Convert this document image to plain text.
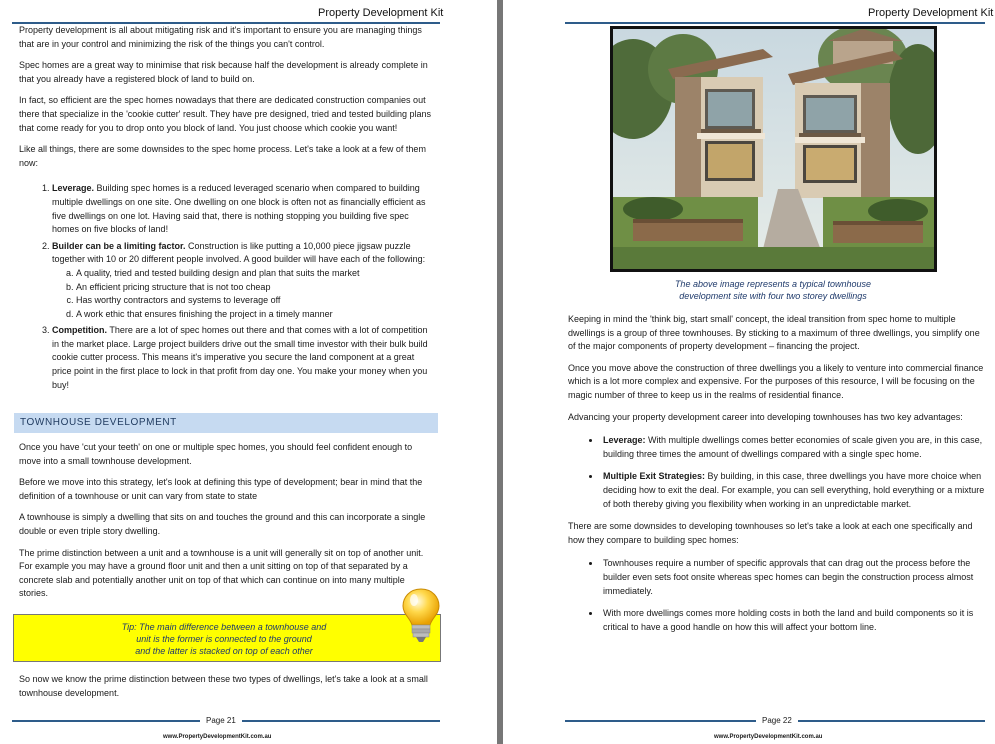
Property Development Kit

Property development is all about mitigating risk and it's important to ensure you are managing things that are in your control and minimizing the risk of the things you can't control.

Spec homes are a great way to minimise that risk because half the development is already complete in that you already have a registered block of land to build on.

In fact, so efficient are the spec homes nowadays that there are dedicated construction companies out there that specialize in the 'cookie cutter' result. They have pre designed, tried and tested building plans that come ready for you to drop onto you block of land. You just choose which cookie you want!

Like all things, there are some downsides to the spec home process. Let's take a look at a few of them now:

1. Leverage. Building spec homes is a reduced leveraged scenario when compared to building multiple dwellings on one site. One dwelling on one block is often not as financially efficient as five dwellings on one lot. Having said that, there is nothing stopping you building five spec homes on five blocks of land!
2. Builder can be a limiting factor. Construction is like putting a 10,000 piece jigsaw puzzle together with 10 or 20 different people involved. A good builder will have each of the following:
a. A quality, tried and tested building design and plan that suits the market
b. An efficient pricing structure that is not too cheap
c. Has worthy contractors and systems to leverage off
d. A work ethic that ensures finishing the project in a timely manner
3. Competition. There are a lot of spec homes out there and that comes with a lot of competition in the market place. Large project builders drive out the small time investor with their bulk build cookie cutter process. This means it's imperative you secure the land component at a great price point in the first place to lock in that profit from day one. You make your money when you buy!
TOWNHOUSE DEVELOPMENT

Once you have 'cut your teeth' on one or multiple spec homes, you should feel confident enough to move into a small townhouse development.

Before we move into this strategy, let's look at defining this type of development; bear in mind that the definition of a townhouse or unit can vary from state to state

A townhouse is simply a dwelling that sits on and touches the ground and this can incorporate a single double or even triple story dwelling.

The prime distinction between a unit and a townhouse is a unit will generally sit on top of another unit. For example you may have a ground floor unit and then a unit sitting on top of that separated by a concrete slab and potentially another unit on top of that which can continue on into many multiple stories.

Tip: The main difference between a townhouse and
unit is the former is connected to the ground
and the latter is stacked on top of each other
So now we know the prime distinction between these two types of dwellings, let's take a look at a small townhouse development.
Page 21
www.PropertyDevelopmentKit.com.au
Property Development Kit
The above image represents a typical townhouse
development site with four two storey dwellings

Keeping in mind the 'think big, start small' concept, the ideal transition from spec home to multiple dwellings is a group of three townhouses. By sticking to a maximum of three dwellings, you simplify one of the major components of property development – financing the project.

Once you move above the construction of three dwellings you a likely to venture into commercial finance which is a lot more complex and expensive. For the purposes of this resource, I will be focusing on the magic number of three to keep us in the realms of residential finance.

Advancing your property development career into developing townhouses has two key advantages:

• Leverage: With multiple dwellings comes better economies of scale given you are, in this case, building three times the amount of dwellings compared with a single spec home.
• Multiple Exit Strategies: By building, in this case, three dwellings you have more choice when deciding how to exit the deal. For example, you can sell everything, hold everything or a mixture of both thereby giving you flexibility when working in an unpredictable market.

There are some downsides to developing townhouses so let's take a look at each one specifically and how they compare to building spec homes:

• Townhouses require a number of specific approvals that can drag out the process before the builder even sets foot onsite whereas spec homes can begin the construction process almost immediately.
• With more dwellings comes more holding costs in both the land and build components so it is critical to have a good handle on how this will affect your bottom line.
Page 22
www.PropertyDevelopmentKit.com.au
